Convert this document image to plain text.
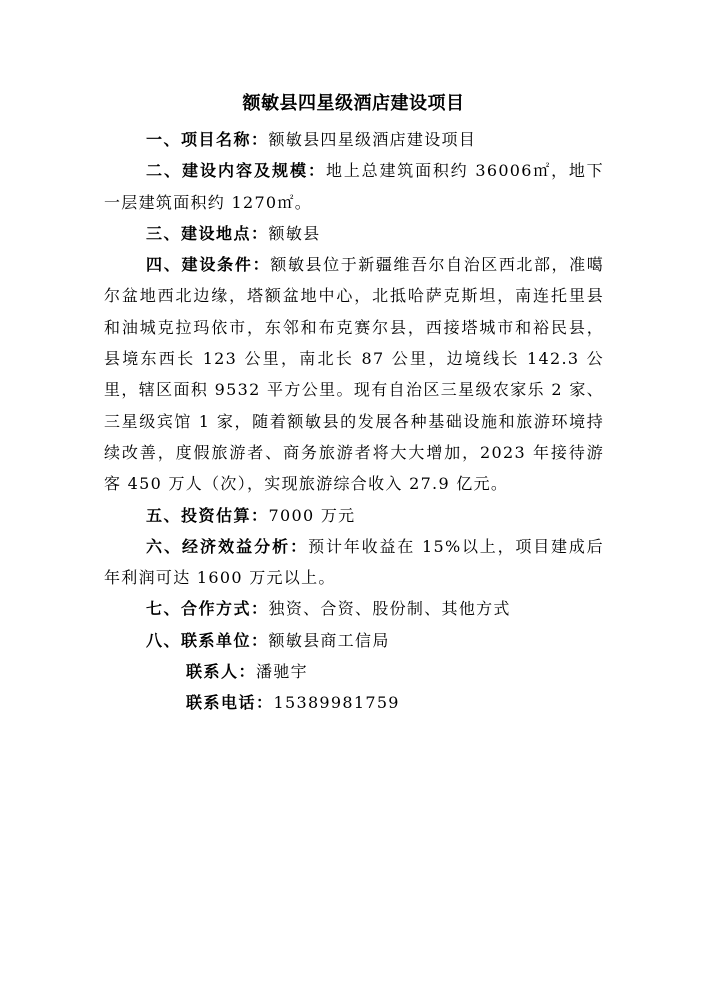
额敏县四星级酒店建设项目

一、项目名称：额敏县四星级酒店建设项目

二、建设内容及规模：地上总建筑面积约 36006㎡，地下一层建筑面积约 1270㎡。

三、建设地点：额敏县

四、建设条件：额敏县位于新疆维吾尔自治区西北部，准噶尔盆地西北边缘，塔额盆地中心，北抵哈萨克斯坦，南连托里县和油城克拉玛依市，东邻和布克赛尔县，西接塔城市和裕民县，县境东西长 123 公里，南北长 87 公里，边境线长 142.3 公里，辖区面积 9532 平方公里。现有自治区三星级农家乐 2 家、三星级宾馆 1 家，随着额敏县的发展各种基础设施和旅游环境持续改善，度假旅游者、商务旅游者将大大增加，2023 年接待游客 450 万人（次），实现旅游综合收入 27.9 亿元。

五、投资估算：7000 万元

六、经济效益分析：预计年收益在 15%以上，项目建成后年利润可达 1600 万元以上。

七、合作方式：独资、合资、股份制、其他方式

八、联系单位：额敏县商工信局

联系人：潘驰宇

联系电话：15389981759
